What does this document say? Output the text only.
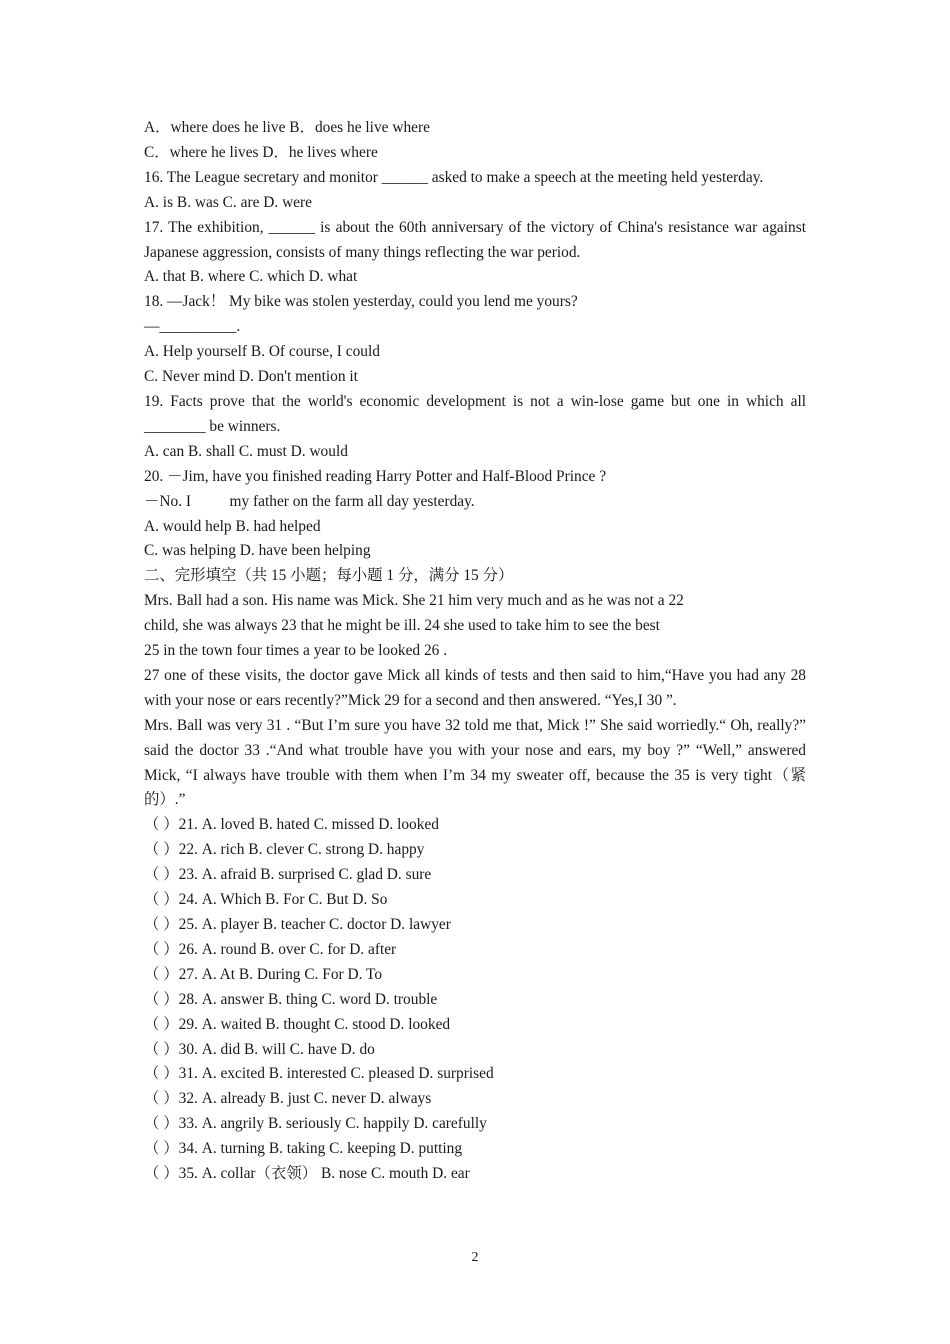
A．where does he live B．does he live where
C．where he lives D．he lives where
16. The League secretary and monitor ______ asked to make a speech at the meeting held yesterday.
A. is B. was C. are D. were
17. The exhibition, ______ is about the 60th anniversary of the victory of China's resistance war against Japanese aggression, consists of many things reflecting the war period.
A. that B. where C. which D. what
18. —Jack！ My bike was stolen yesterday, could you lend me yours?
—__________.
A. Help yourself B. Of course, I could
C. Never mind D. Don't mention it
19. Facts prove that the world's economic development is not a win-lose game but one in which all ________ be winners.
A. can B. shall C. must D. would
20. －Jim, have you finished reading Harry Potter and Half-Blood Prince ?
－No. I          my father on the farm all day yesterday.
A. would help B. had helped
C. was helping D. have been helping
二、完形填空（共 15 小题；每小题 1 分，满分 15 分）
Mrs. Ball had a son. His name was Mick. She 21 him very much and as he was not a 22
child, she was always 23 that he might be ill. 24 she used to take him to see the best
25 in the town four times a year to be looked 26 .
27 one of these visits, the doctor gave Mick all kinds of tests and then said to him,“Have you had any 28 with your nose or ears recently?”Mick 29 for a second and then answered. “Yes,I 30 ”.
Mrs. Ball was very 31 . “But I’m sure you have 32 told me that, Mick !” She said worriedly.“ Oh, really?” said the doctor 33 .“And what trouble have you with your nose and ears, my boy ?” “Well,” answered Mick, “I always have trouble with them when I’m 34 my sweater off, because the 35 is very tight（紧的）.”
（ ）21. A. loved B. hated C. missed D. looked
（ ）22. A. rich B. clever C. strong D. happy
（ ）23. A. afraid B. surprised C. glad D. sure
（ ）24. A. Which B. For C. But D. So
（ ）25. A. player B. teacher C. doctor D. lawyer
（ ）26. A. round B. over C. for D. after
（ ）27. A. At B. During C. For D. To
（ ）28. A. answer B. thing C. word D. trouble
（ ）29. A. waited B. thought C. stood D. looked
（ ）30. A. did B. will C. have D. do
（ ）31. A. excited B. interested C. pleased D. surprised
（ ）32. A. already B. just C. never D. always
（ ）33. A. angrily B. seriously C. happily D. carefully
（ ）34. A. turning B. taking C. keeping D. putting
（ ）35. A. collar（衣领） B. nose C. mouth D. ear
2
